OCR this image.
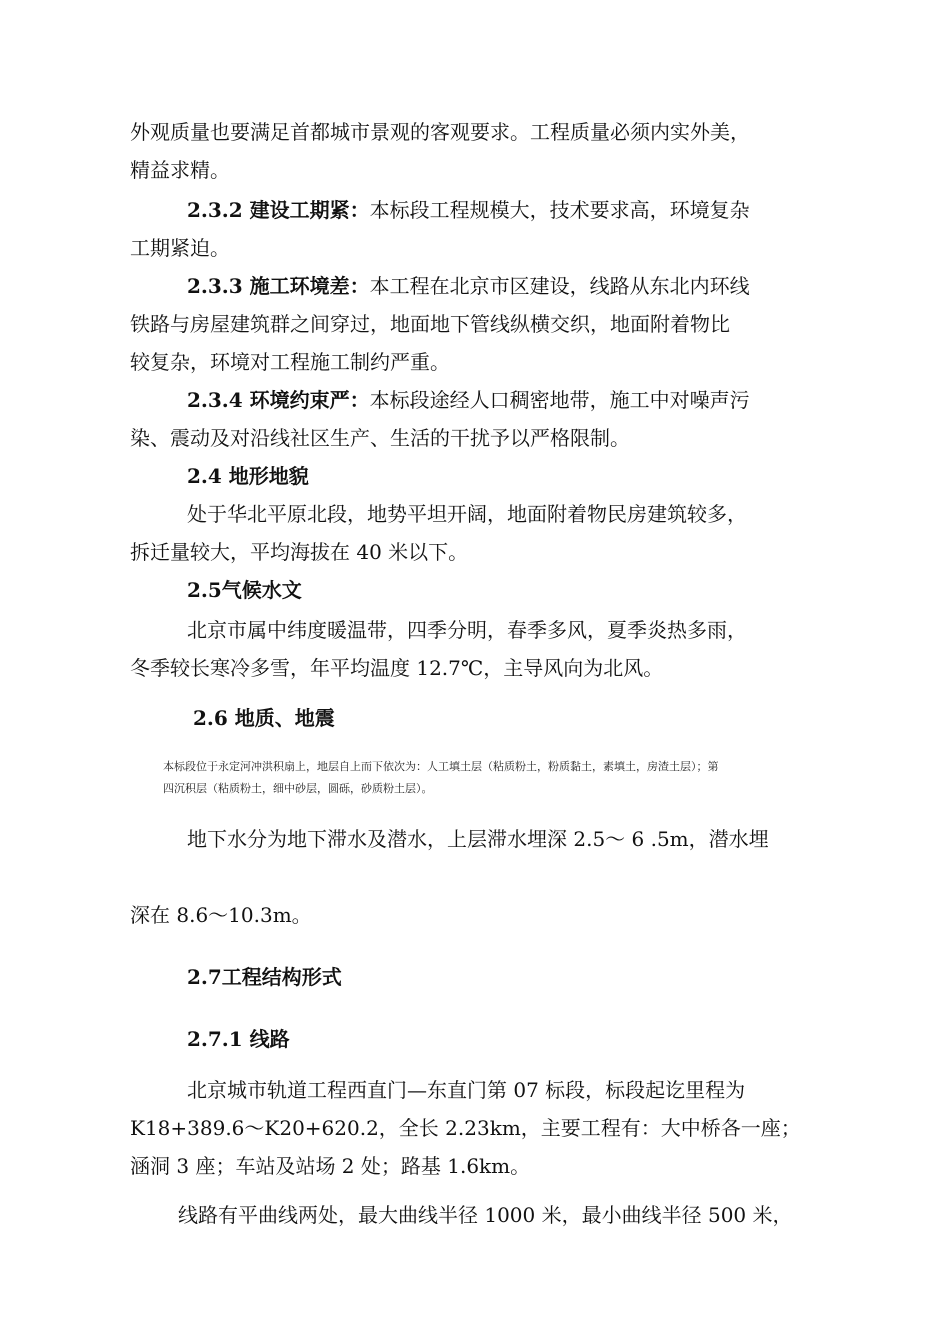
外观质量也要满足首都城市景观的客观要求。工程质量必须内实外美，

精益求精。

2.3.2 建设工期紧：本标段工程规模大，技术要求高，环境复杂

工期紧迫。

2.3.3 施工环境差：本工程在北京市区建设，线路从东北内环线

铁路与房屋建筑群之间穿过，地面地下管线纵横交织，地面附着物比

较复杂，环境对工程施工制约严重。

2.3.4 环境约束严：本标段途经人口稠密地带，施工中对噪声污

染、震动及对沿线社区生产、生活的干扰予以严格限制。

2.4 地形地貌

处于华北平原北段，地势平坦开阔，地面附着物民房建筑较多，

拆迁量较大，平均海拔在 40 米以下。

2.5气候水文

北京市属中纬度暖温带，四季分明，春季多风，夏季炎热多雨，

冬季较长寒冷多雪，年平均温度 12.7℃，主导风向为北风。

2.6 地质、地震

本标段位于永定河冲洪积扇上，地层自上而下依次为：人工填土层（粘质粉土，粉质黏土，素填土，房渣土层）；第

四沉积层（粘质粉土，细中砂层，圆砾，砂质粉土层）。

地下水分为地下滞水及潜水，上层滞水埋深 2.5～ 6 .5m，潜水埋

深在 8.6～10.3m。

2.7工程结构形式

2.7.1 线路

北京城市轨道工程西直门—东直门第 07 标段，标段起讫里程为

K18+389.6～K20+620.2，全长 2.23km，主要工程有：大中桥各一座；

涵洞 3 座；车站及站场 2 处；路基 1.6km。

线路有平曲线两处，最大曲线半径 1000 米，最小曲线半径 500 米，
